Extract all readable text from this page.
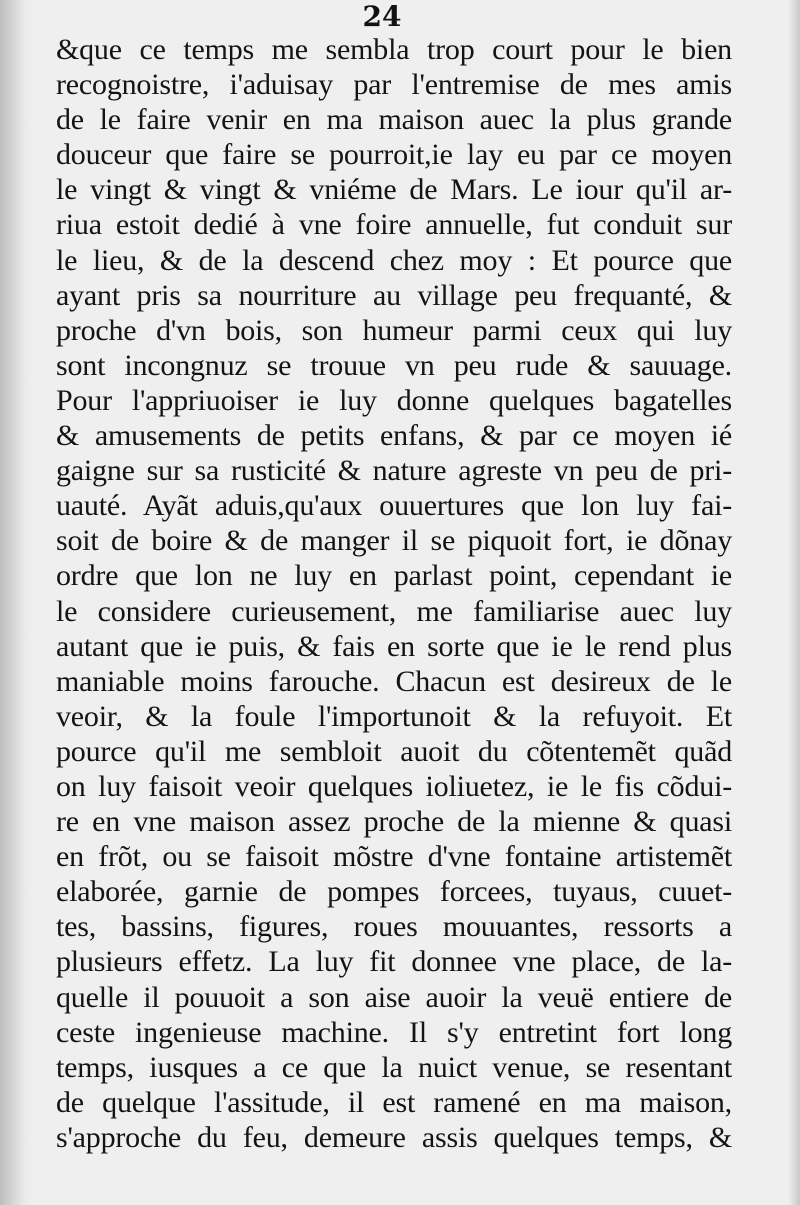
24
&que ce temps me sembla trop court pour le bien
recognoistre, i'aduisay par l'entremise de mes amis
de le faire venir en ma maison auec la plus grande
douceur que faire se pourroit,ie lay eu par ce moyen
le vingt & vingt & vniéme de Mars. Le iour qu'il ar-
riua estoit dedié à vne foire annuelle, fut conduit sur
le lieu, & de la descend chez moy : Et pource que
ayant pris sa nourriture au village peu frequanté, &
proche d'vn bois, son humeur parmi ceux qui luy
sont incongnuz se trouue vn peu rude & sauuage.
Pour l'appriuoiser ie luy donne quelques bagatelles
& amusements de petits enfans, & par ce moyen ié
gaigne sur sa rusticité & nature agreste vn peu de pri-
uauté. Ayãt aduis,qu'aux ouuertures que lon luy fai-
soit de boire & de manger il se piquoit fort, ie dõnay
ordre que lon ne luy en parlast point, cependant ie
le considere curieusement, me familiarise auec luy
autant que ie puis, & fais en sorte que ie le rend plus
maniable moins farouche. Chacun est desireux de le
veoir, & la foule l'importunoit & la refuyoit. Et
pource qu'il me sembloit auoit du cõtentemẽt quãd
on luy faisoit veoir quelques ioliuetez, ie le fis cõdui-
re en vne maison assez proche de la mienne & quasi
en frõt, ou se faisoit mõstre d'vne fontaine artistemẽt
elaborée, garnie de pompes forcees, tuyaus, cuuet-
tes, bassins, figures, roues mouuantes, ressorts a
plusieurs effetz. La luy fit donnee vne place, de la-
quelle il pouuoit a son aise auoir la veuë entiere de
ceste ingenieuse machine. Il s'y entretint fort long
temps, iusques a ce que la nuict venue, se resentant
de quelque l'assitude, il est ramené en ma maison,
s'approche du feu, demeure assis quelques temps, &
